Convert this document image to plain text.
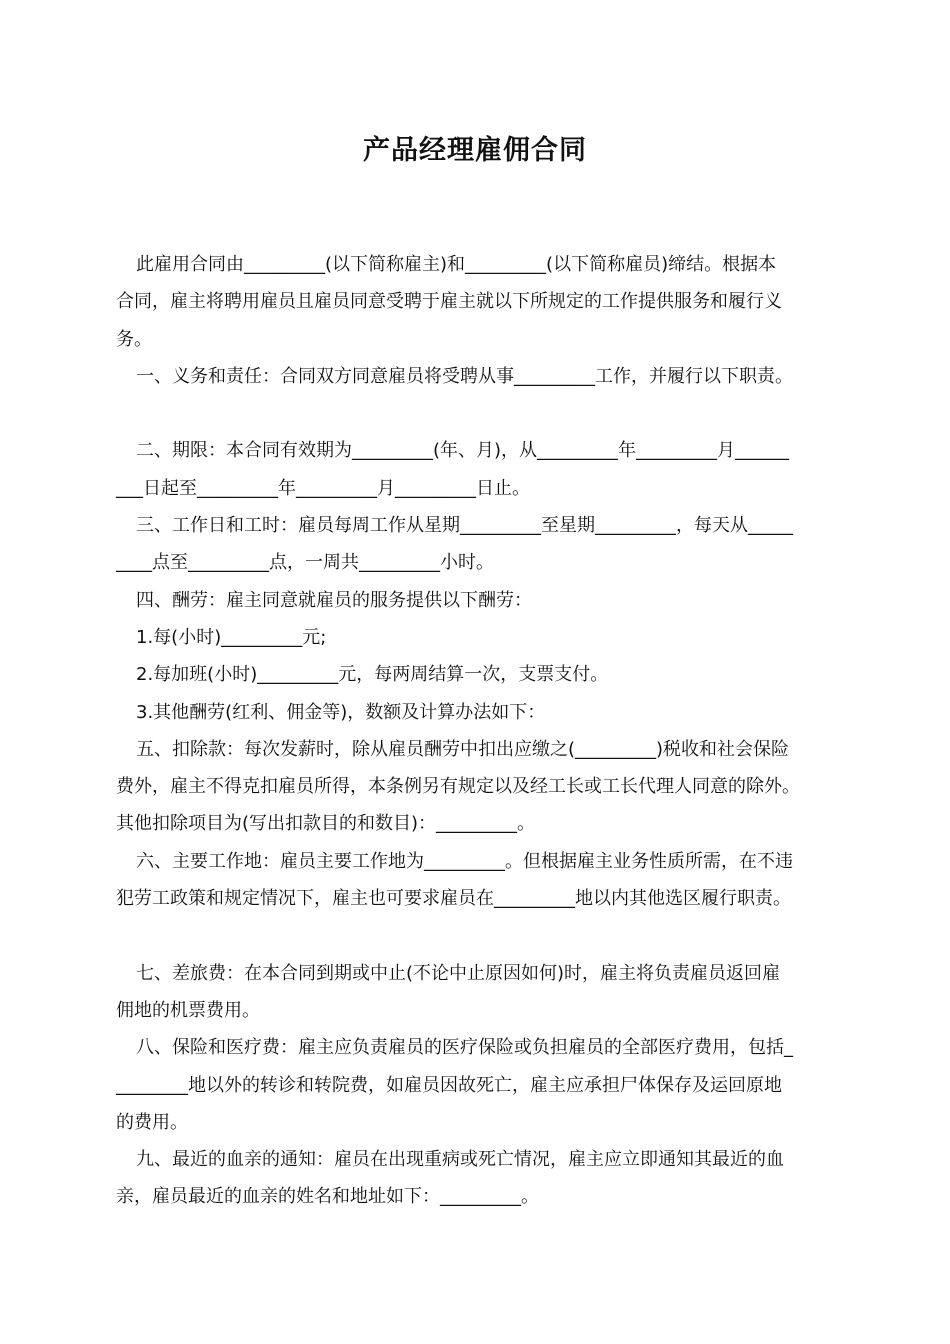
产品经理雇佣合同
此雇用合同由_________(以下简称雇主)和_________(以下简称雇员)缔结。根据本
合同，雇主将聘用雇员且雇员同意受聘于雇主就以下所规定的工作提供服务和履行义
务。
一、义务和责任：合同双方同意雇员将受聘从事_________工作，并履行以下职责。
二、期限：本合同有效期为_________(年、月)，从_________年_________月______
___日起至_________年_________月_________日止。
三、工作日和工时：雇员每周工作从星期_________至星期_________，每天从_____
____点至_________点，一周共_________小时。
四、酬劳：雇主同意就雇员的服务提供以下酬劳：
1.每(小时)_________元;
2.每加班(小时)_________元，每两周结算一次，支票支付。
3.其他酬劳(红利、佣金等)，数额及计算办法如下：
五、扣除款：每次发薪时，除从雇员酬劳中扣出应缴之(_________)税收和社会保险
费外，雇主不得克扣雇员所得，本条例另有规定以及经工长或工长代理人同意的除外。
其他扣除项目为(写出扣款目的和数目)：_________。
六、主要工作地：雇员主要工作地为_________。但根据雇主业务性质所需，在不违
犯劳工政策和规定情况下，雇主也可要求雇员在_________地以内其他选区履行职责。
七、差旅费：在本合同到期或中止(不论中止原因如何)时，雇主将负责雇员返回雇
佣地的机票费用。
八、保险和医疗费：雇主应负责雇员的医疗保险或负担雇员的全部医疗费用，包括_
________地以外的转诊和转院费，如雇员因故死亡，雇主应承担尸体保存及运回原地
的费用。
九、最近的血亲的通知：雇员在出现重病或死亡情况，雇主应立即通知其最近的血
亲，雇员最近的血亲的姓名和地址如下：_________。
